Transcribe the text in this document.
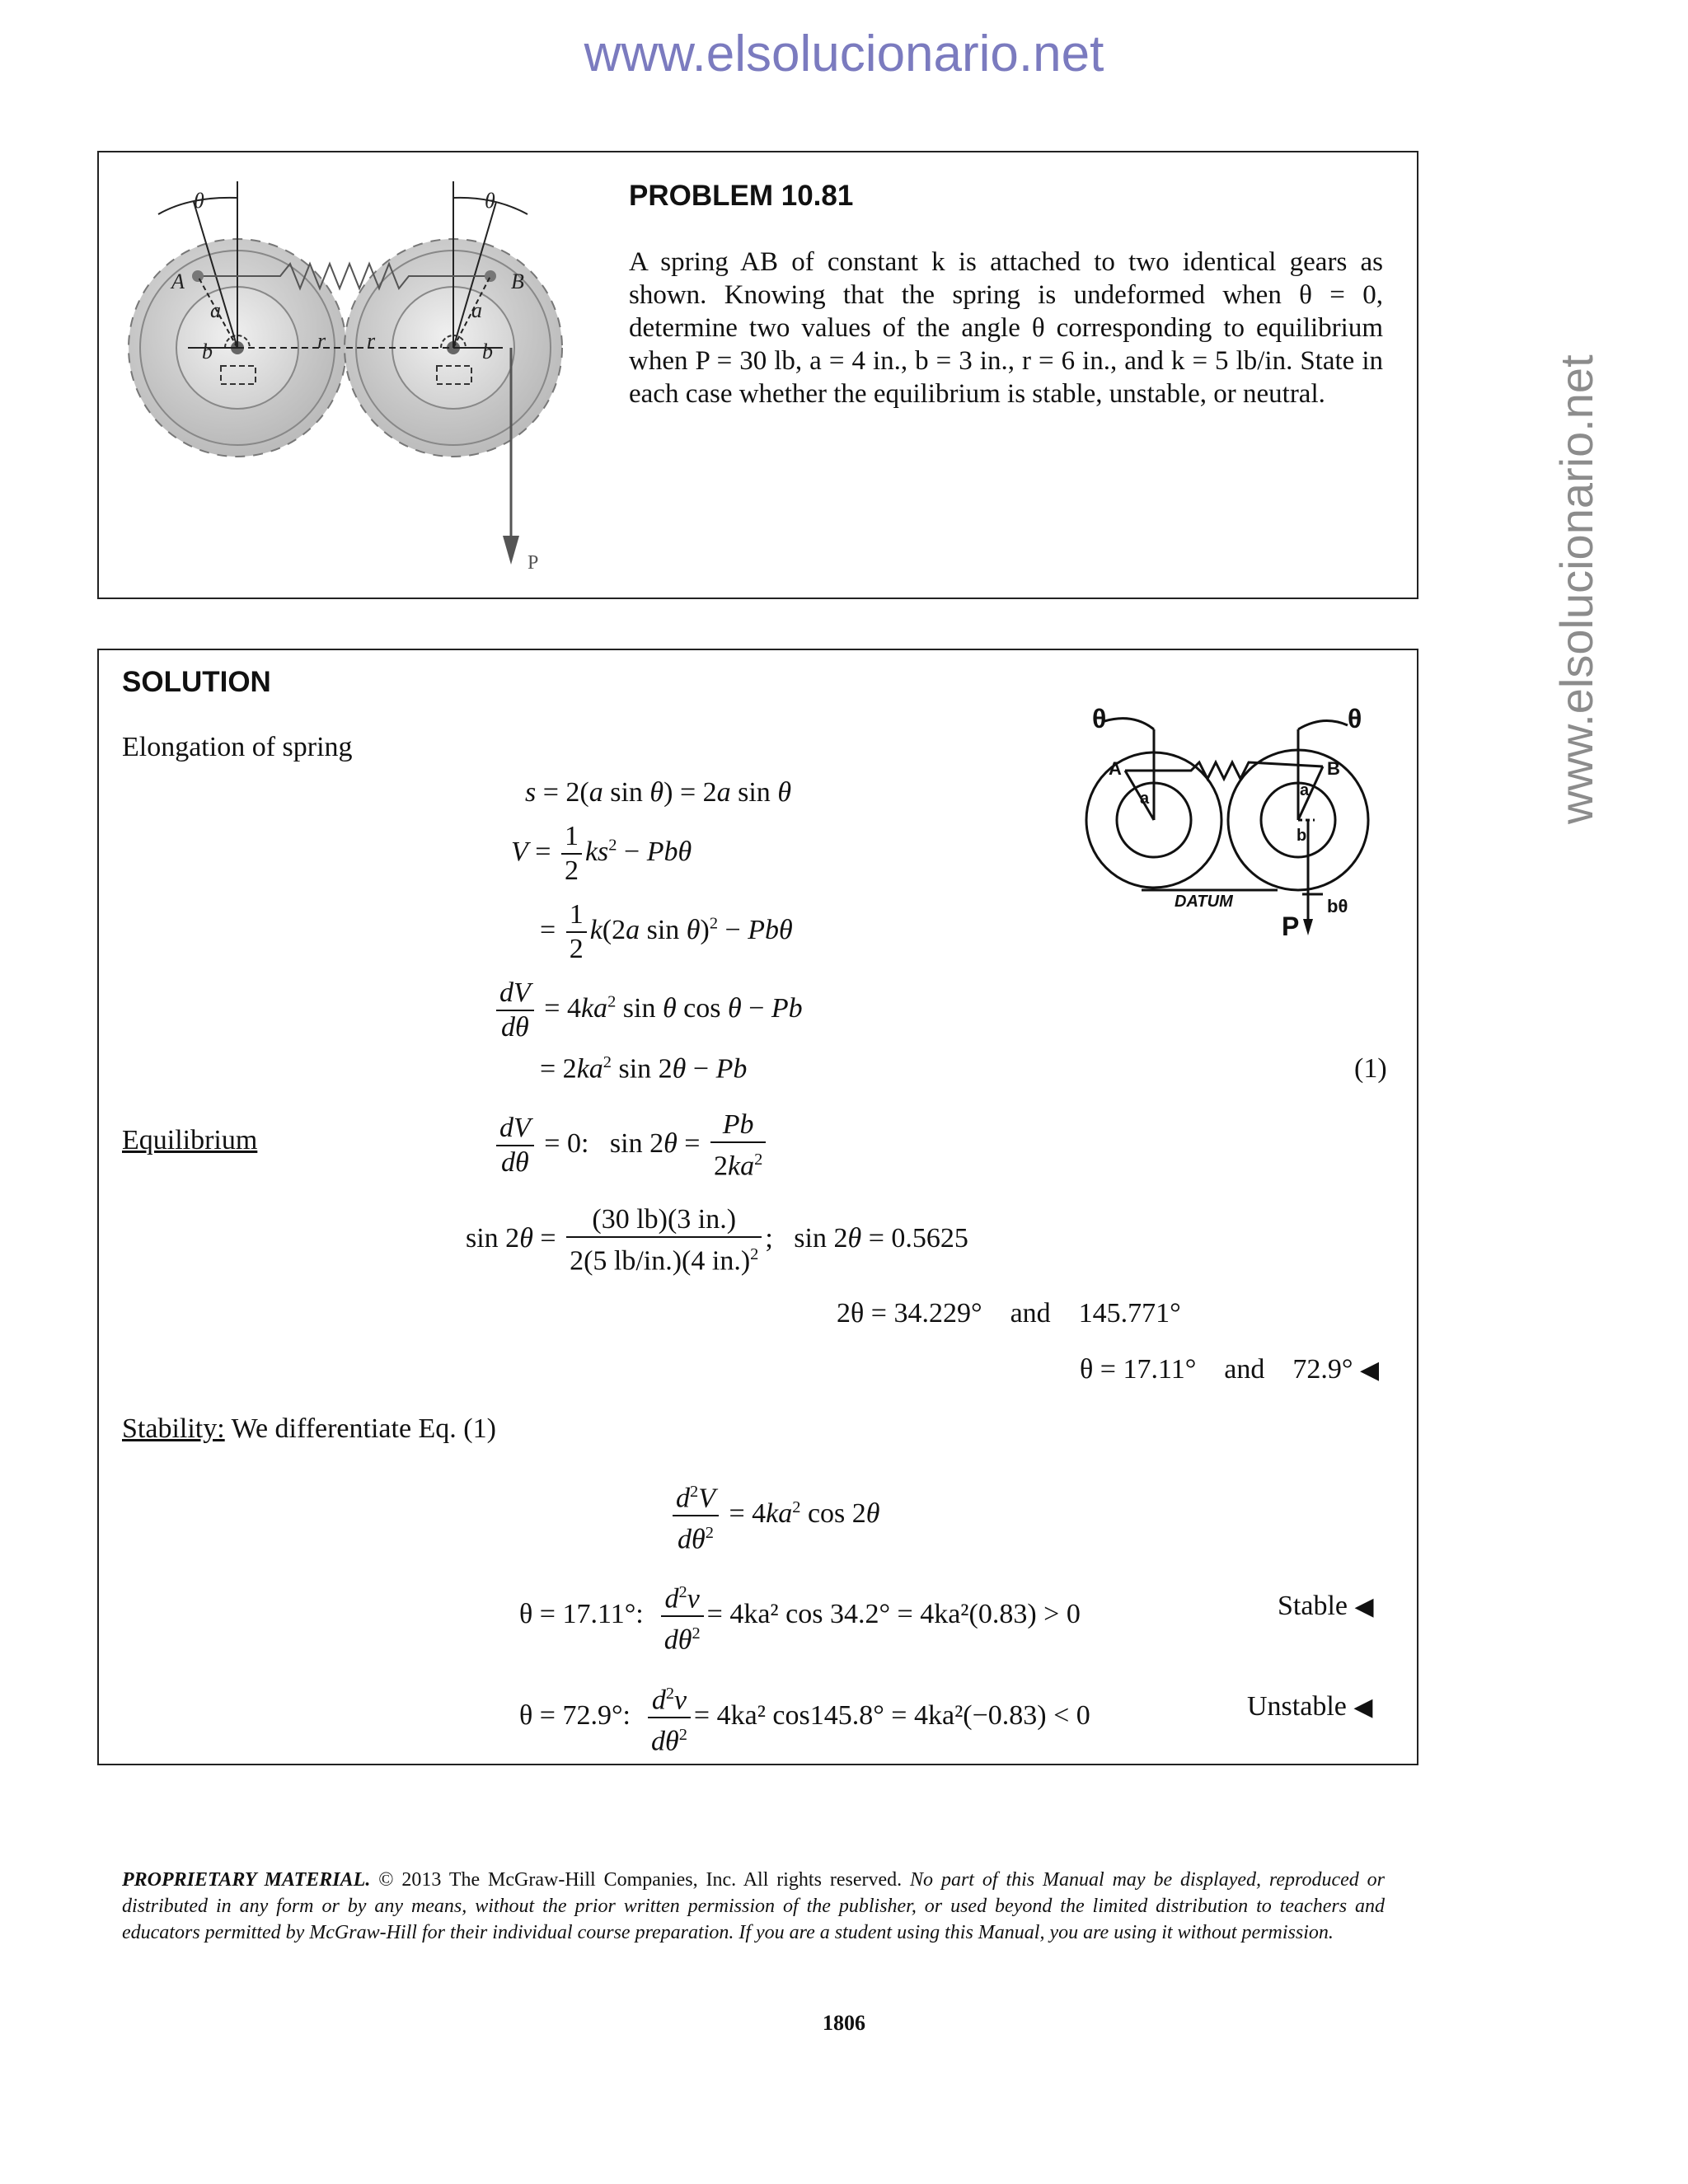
www.elsolucionario.net
www.elsolucionario.net
θ	θ
A	B
a	a
b	b
r r
P
PROBLEM 10.81
A spring AB of constant k is attached to two identical gears as shown. Knowing that the spring is undeformed when θ = 0, determine two values of the angle θ corresponding to equilibrium when P = 30 lb, a = 4 in., b = 3 in., r = 6 in., and k = 5 lb/in. State in each case whether the equilibrium is stable, unstable, or neutral.
SOLUTION
θ	θ
A	B
a	a
b
DATUM	bθ
P
Elongation of spring
s = 2(a sin θ) = 2a sin θ
$V = \frac{1}{2} ks^2 - Pb\theta$
= $\frac{1}{2} k(2a$ sin θ)$^2$ − Pbθ
$\frac{dV}{d\theta} = 4ka^2$ sin θ cos θ − Pb
= $2ka^2$ sin 2θ − Pb	(1)
Equilibrium	$\frac{dV}{d\theta} = 0$:   $\sin 2\theta = \frac{Pb}{2ka^2}$
$\sin 2\theta = \frac{(30 lb)(3 in.)}{2(5 lb/in.)(4 in.)^2}$ ;   sin 2θ = 0.5625
2θ = 34.229° and 145.771°
θ = 17.11° and 72.9° ◀
Stability: We differentiate Eq. (1)
$\frac{d^2V}{d\theta^2} = 4ka^2$ cos 2θ
θ = 17.11°: $\frac{d^2v}{d\theta^2} = 4ka^2$ cos 34.2° = 4ka²(0.83) > 0	Stable ◀
θ = 72.9°: $\frac{d^2v}{d\theta^2} = 4ka^2$ cos145.8° = 4ka²(−0.83) < 0	Unstable ◀
PROPRIETARY MATERIAL. © 2013 The McGraw-Hill Companies, Inc. All rights reserved. No part of this Manual may be displayed, reproduced or distributed in any form or by any means, without the prior written permission of the publisher, or used beyond the limited distribution to teachers and educators permitted by McGraw-Hill for their individual course preparation. If you are a student using this Manual, you are using it without permission.
1806
